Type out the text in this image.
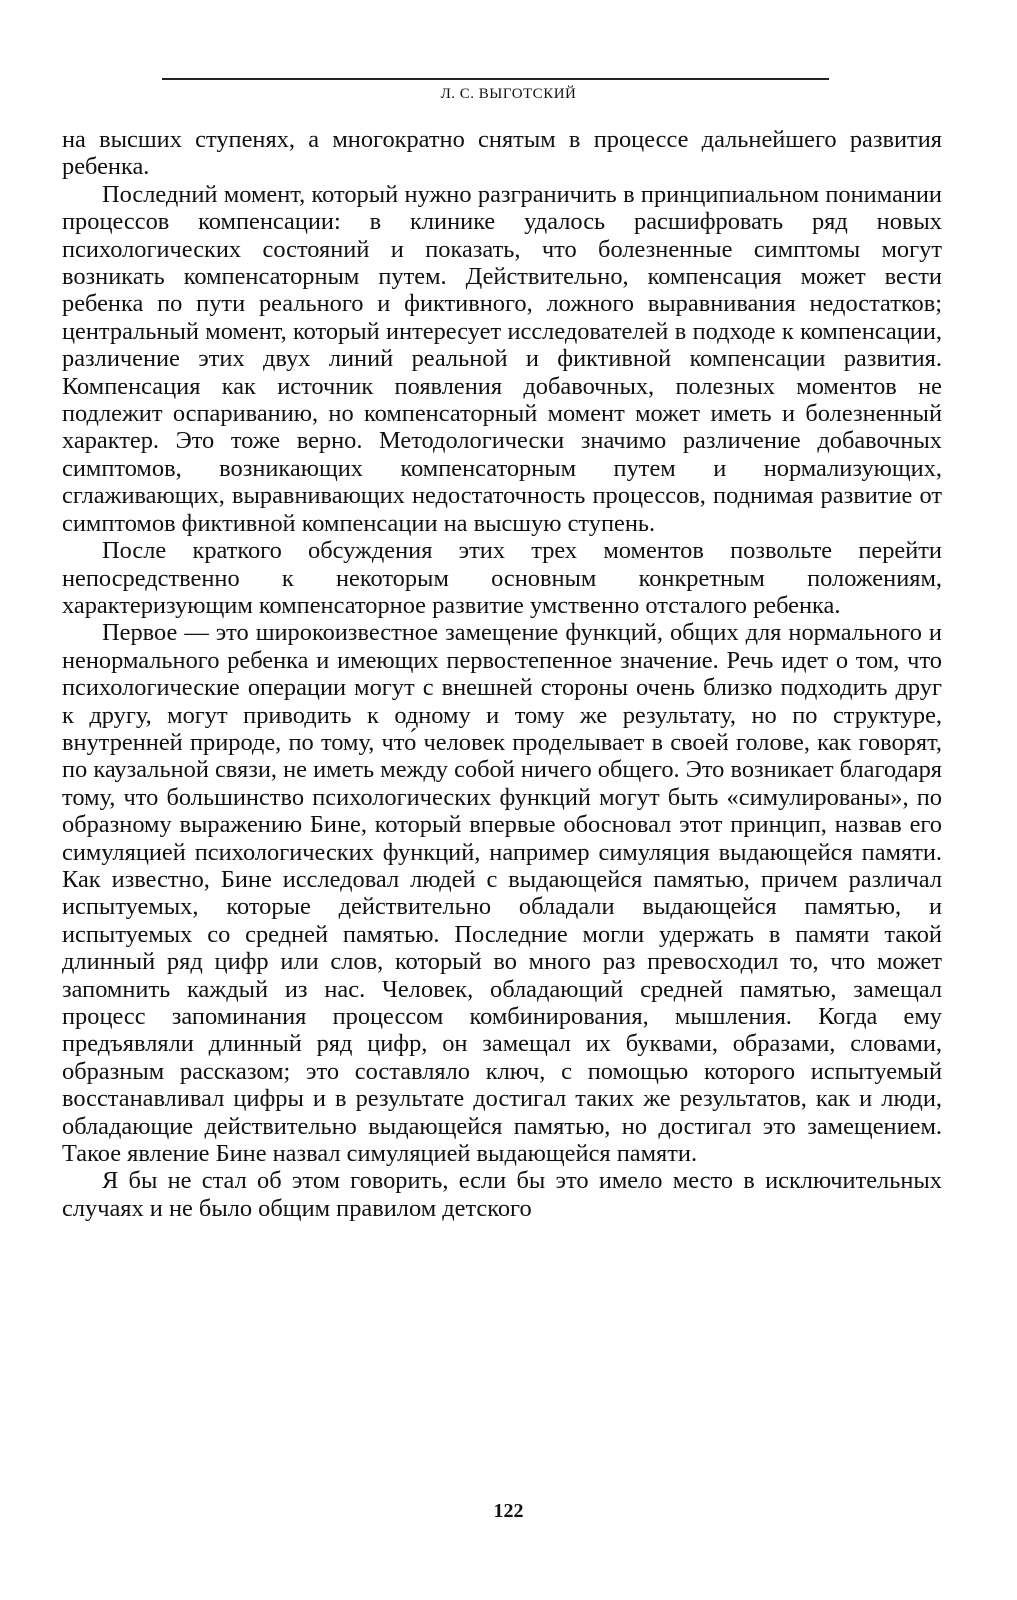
Л. С. ВЫГОТСКИЙ

на высших ступенях, а многократно снятым в процессе дальнейшего развития ребенка.

Последний момент, который нужно разграничить в принципиальном понимании процессов компенсации: в клинике удалось расшифровать ряд новых психологических состояний и показать, что болезненные симптомы могут возникать компенсаторным путем. Действительно, компенсация может вести ребенка по пути реального и фиктивного, ложного выравнивания недостатков; центральный момент, который интересует исследователей в подходе к компенсации, различение этих двух линий реальной и фиктивной компенсации развития. Компенсация как источник появления добавочных, полезных моментов не подлежит оспариванию, но компенсаторный момент может иметь и болезненный характер. Это тоже верно. Методологически значимо различение добавочных симптомов, возникающих компенсаторным путем и нормализующих, сглаживающих, выравнивающих недостаточность процессов, поднимая развитие от симптомов фиктивной компенсации на высшую ступень.

После краткого обсуждения этих трех моментов позвольте перейти непосредственно к некоторым основным конкретным положениям, характеризующим компенсаторное развитие умственно отсталого ребенка.

Первое — это широкоизвестное замещение функций, общих для нормального и ненормального ребенка и имеющих первостепенное значение. Речь идет о том, что психологические операции могут с внешней стороны очень близко подходить друг к другу, могут приводить к одному и тому же результату, но по структуре, внутренней природе, по тому, что́ человек проделывает в своей голове, как говорят, по каузальной связи, не иметь между собой ничего общего. Это возникает благодаря тому, что большинство психологических функций могут быть «симулированы», по образному выражению Бине, который впервые обосновал этот принцип, назвав его симуляцией психологических функций, например симуляция выдающейся памяти. Как известно, Бине исследовал людей с выдающейся памятью, причем различал испытуемых, которые действительно обладали выдающейся памятью, и испытуемых со средней памятью. Последние могли удержать в памяти такой длинный ряд цифр или слов, который во много раз превосходил то, что может запомнить каждый из нас. Человек, обладающий средней памятью, замещал процесс запоминания процессом комбинирования, мышления. Когда ему предъявляли длинный ряд цифр, он замещал их буквами, образами, словами, образным рассказом; это составляло ключ, с помощью которого испытуемый восстанавливал цифры и в результате достигал таких же результатов, как и люди, обладающие действительно выдающейся памятью, но достигал это замещением. Такое явление Бине назвал симуляцией выдающейся памяти.

Я бы не стал об этом говорить, если бы это имело место в исключительных случаях и не было общим правилом детского

122
